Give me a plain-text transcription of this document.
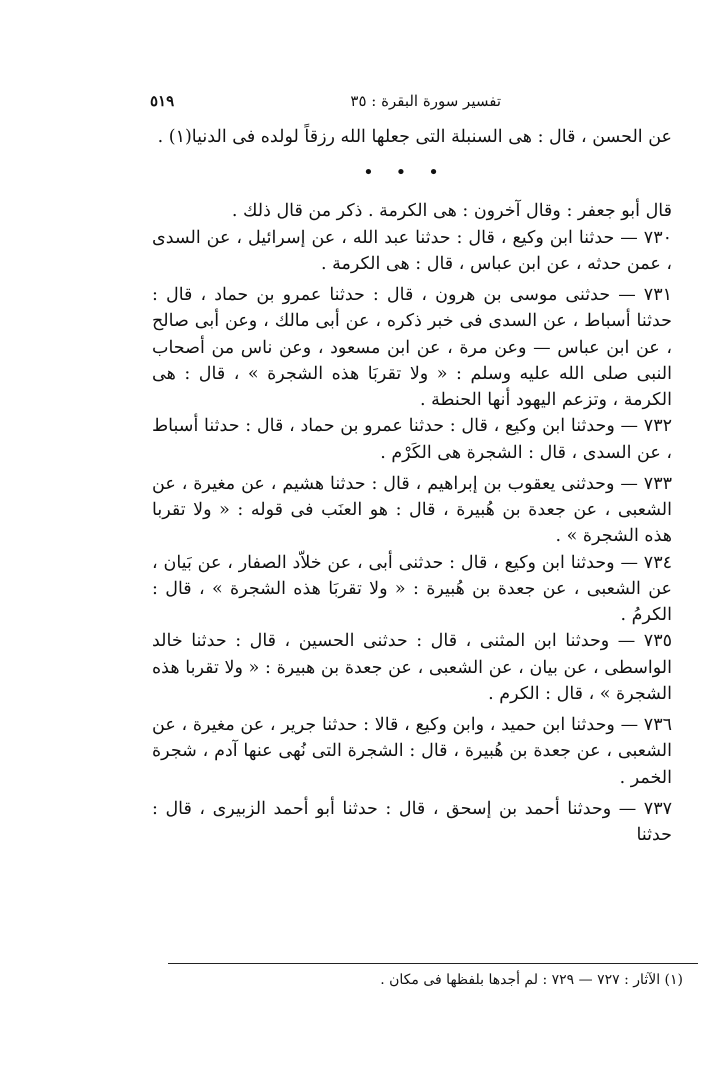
تفسير سورة البقرة : ٣٥
٥١٩

عن الحسن ، قال : هى السنبلة التى جعلها الله رزقاً لولده فى الدنيا(١) .

•••

قال أبو جعفر : وقال آخرون : هى الكرمة . ذكر من قال ذلك .

٧٣٠ — حدثنا ابن وكيع ، قال : حدثنا عبد الله ، عن إسرائيل ، عن السدى ، عمن حدثه ، عن ابن عباس ، قال : هى الكرمة .

٧٣١ — حدثنى موسى بن هرون ، قال : حدثنا عمرو بن حماد ، قال : حدثنا أسباط ، عن السدى فى خبر ذكره ، عن أبى مالك ، وعن أبى صالح ، عن ابن عباس — وعن مرة ، عن ابن مسعود ، وعن ناس من أصحاب النبى صلى الله عليه وسلم : « ولا تقربَا هذه الشجرة » ، قال : هى الكرمة ، وتزعم اليهود أنها الحنطة .

٧٣٢ — وحدثنا ابن وكيع ، قال : حدثنا عمرو بن حماد ، قال : حدثنا أسباط ، عن السدى ، قال : الشجرة هى الكَرْم .

٧٣٣ — وحدثنى يعقوب بن إبراهيم ، قال : حدثنا هشيم ، عن مغيرة ، عن الشعبى ، عن جعدة بن هُبيرة ، قال : هو العنَب فى قوله : « ولا تقربا هذه الشجرة » .

٧٣٤ — وحدثنا ابن وكيع ، قال : حدثنى أبى ، عن خلاّد الصفار ، عن بَيان ، عن الشعبى ، عن جعدة بن هُبيرة : « ولا تقربَا هذه الشجرة » ، قال : الكرمُ .

٧٣٥ — وحدثنا ابن المثنى ، قال : حدثنى الحسين ، قال : حدثنا خالد الواسطى ، عن بيان ، عن الشعبى ، عن جعدة بن هبيرة : « ولا تقربا هذه الشجرة » ، قال : الكرم .

٧٣٦ — وحدثنا ابن حميد ، وابن وكيع ، قالا : حدثنا جرير ، عن مغيرة ، عن الشعبى ، عن جعدة بن هُبيرة ، قال : الشجرة التى نُهى عنها آدم ، شجرة الخمر .

٧٣٧ — وحدثنا أحمد بن إسحق ، قال : حدثنا أبو أحمد الزبيرى ، قال : حدثنا

(١) الآثار : ٧٢٧ — ٧٢٩ : لم أجدها بلفظها فى مكان .
